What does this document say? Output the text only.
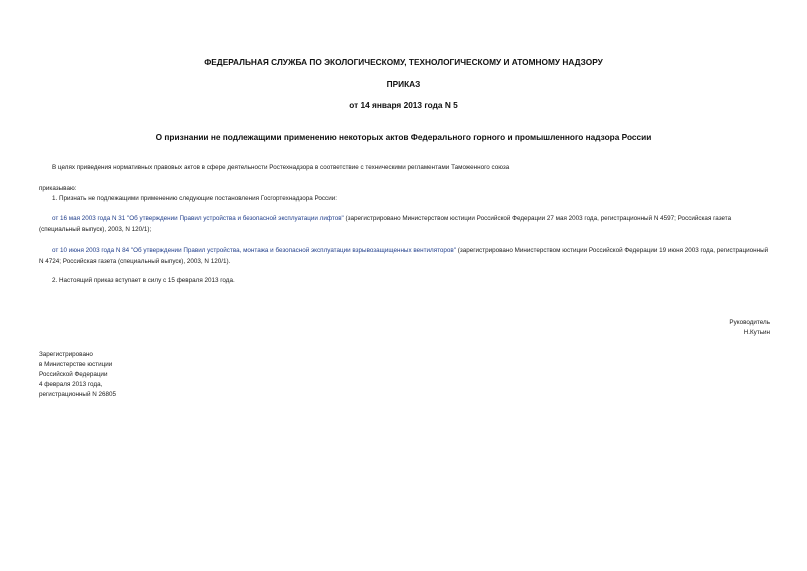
ФЕДЕРАЛЬНАЯ СЛУЖБА ПО ЭКОЛОГИЧЕСКОМУ, ТЕХНОЛОГИЧЕСКОМУ И АТОМНОМУ НАДЗОРУ
ПРИКАЗ
от 14 января 2013 года N 5
О признании не подлежащими применению некоторых актов Федерального горного и промышленного надзора России
В целях приведения нормативных правовых актов в сфере деятельности Ростехнадзора в соответствие с техническими регламентами Таможенного союза
приказываю:
1. Признать не подлежащими применению следующие постановления Госгортехнадзора России:
от 16 мая 2003 года N 31 "Об утверждении Правил устройства и безопасной эксплуатации лифтов" (зарегистрировано Министерством юстиции Российской Федерации 27 мая 2003 года, регистрационный N 4597; Российская газета (специальный выпуск), 2003, N 120/1);
от 10 июня 2003 года N 84 "Об утверждении Правил устройства, монтажа и безопасной эксплуатации взрывозащищенных вентиляторов" (зарегистрировано Министерством юстиции Российской Федерации 19 июня 2003 года, регистрационный N 4724; Российская газета (специальный выпуск), 2003, N 120/1).
2. Настоящий приказ вступает в силу с 15 февраля 2013 года.
Руководитель
Н.Кутьин
Зарегистрировано
в Министерстве юстиции
Российской Федерации
4 февраля 2013 года,
регистрационный N 26805
